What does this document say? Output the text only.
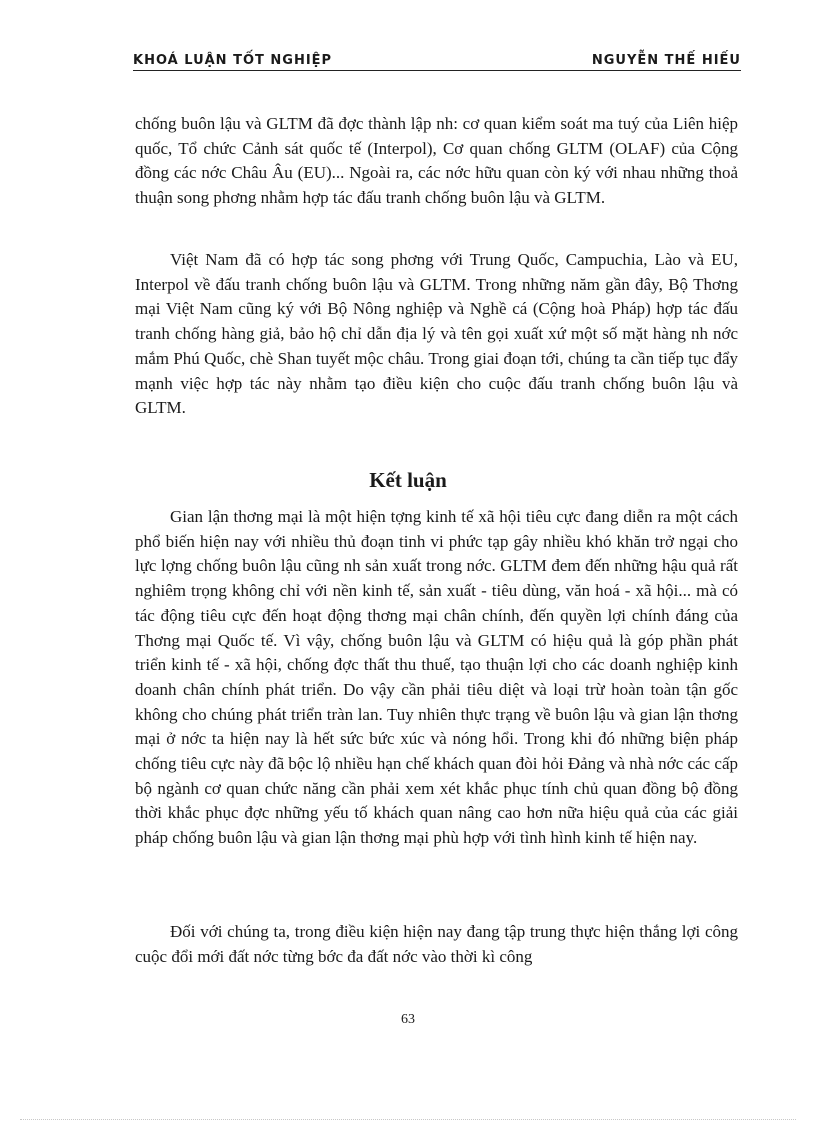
KHOÁ LUẬN TỐT NGHIỆP	NGUYỄN THẾ HIẾU

chống buôn lậu và GLTM đã đợc thành lập nh: cơ quan kiểm soát ma tuý của Liên hiệp quốc, Tổ chức Cảnh sát quốc tế (Interpol), Cơ quan chống GLTM (OLAF) của Cộng đồng các nớc Châu Âu (EU)... Ngoài ra, các nớc hữu quan còn ký với nhau những thoả thuận song phơng nhằm hợp tác đấu tranh chống buôn lậu và GLTM.

Việt Nam đã có hợp tác song phơng với Trung Quốc, Campuchia, Lào và EU, Interpol về đấu tranh chống buôn lậu và GLTM. Trong những năm gần đây, Bộ Thơng mại Việt Nam cũng ký với Bộ Nông nghiệp và Nghề cá (Cộng hoà Pháp) hợp tác đấu tranh chống hàng giả, bảo hộ chỉ dẫn địa lý và tên gọi xuất xứ một số mặt hàng nh nớc mắm Phú Quốc, chè Shan tuyết mộc châu. Trong giai đoạn tới, chúng ta cần tiếp tục đẩy mạnh việc hợp tác này nhằm tạo điều kiện cho cuộc đấu tranh chống buôn lậu và GLTM.

Kết luận

Gian lận thơng mại là một hiện tợng kinh tế xã hội tiêu cực đang diễn ra một cách phổ biến hiện nay với nhiều thủ đoạn tinh vi phức tạp gây nhiều khó khăn trở ngại cho lực lợng chống buôn lậu cũng nh sản xuất trong nớc. GLTM đem đến những hậu quả rất nghiêm trọng không chỉ với nền kinh tế, sản xuất - tiêu dùng, văn hoá - xã hội... mà có tác động tiêu cực đến hoạt động thơng mại chân chính, đến quyền lợi chính đáng của Thơng mại Quốc tế. Vì vậy, chống buôn lậu và GLTM có hiệu quả là góp phần phát triển kinh tế - xã hội, chống đợc thất thu thuế, tạo thuận lợi cho các doanh nghiệp kinh doanh chân chính phát triển. Do vậy cần phải tiêu diệt và loại trừ hoàn toàn tận gốc không cho chúng phát triển tràn lan. Tuy nhiên thực trạng về buôn lậu và gian lận thơng mại ở nớc ta hiện nay là hết sức bức xúc và nóng hổi. Trong khi đó những biện pháp chống tiêu cực này đã bộc lộ nhiều hạn chế khách quan đòi hỏi Đảng và nhà nớc các cấp bộ ngành cơ quan chức năng cần phải xem xét khắc phục tính chủ quan đồng bộ đồng thời khắc phục đợc những yếu tố khách quan nâng cao hơn nữa hiệu quả của các giải pháp chống buôn lậu và gian lận thơng mại phù hợp với tình hình kinh tế hiện nay.

Đối với chúng ta, trong điều kiện hiện nay đang tập trung thực hiện thắng lợi công cuộc đổi mới đất nớc từng bớc đa đất nớc vào thời kì công

63
